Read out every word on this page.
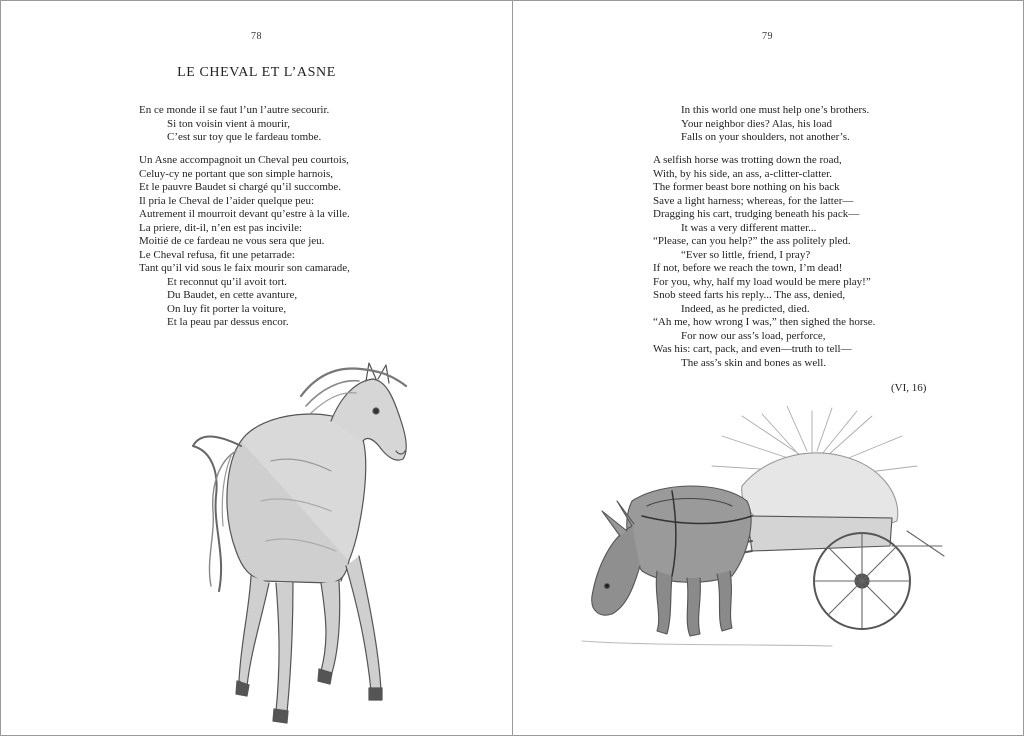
78
LE CHEVAL ET L’ASNE
En ce monde il se faut l’un l’autre secourir.
Si ton voisin vient à mourir,
C’est sur toy que le fardeau tombe.
Un Asne accompagnoit un Cheval peu courtois,
Celuy-cy ne portant que son simple harnois,
Et le pauvre Baudet si chargé qu’il succombe.
Il pria le Cheval de l’aider quelque peu:
Autrement il mourroit devant qu’estre à la ville.
La priere, dit-il, n’en est pas incivile:
Moitié de ce fardeau ne vous sera que jeu.
Le Cheval refusa, fit une petarrade:
Tant qu’il vid sous le faix mourir son camarade,
Et reconnut qu’il avoit tort.
Du Baudet, en cette avanture,
On luy fit porter la voiture,
Et la peau par dessus encor.
79
In this world one must help one’s brothers.
Your neighbor dies? Alas, his load
Falls on your shoulders, not another’s.
A selfish horse was trotting down the road,
With, by his side, an ass, a-clitter-clatter.
The former beast bore nothing on his back
Save a light harness; whereas, for the latter—
Dragging his cart, trudging beneath his pack—
It was a very different matter...
“Please, can you help?” the ass politely pled.
“Ever so little, friend, I pray?
If not, before we reach the town, I’m dead!
For you, why, half my load would be mere play!”
Snob steed farts his reply... The ass, denied,
Indeed, as he predicted, died.
“Ah me, how wrong I was,” then sighed the horse.
For now our ass’s load, perforce,
Was his: cart, pack, and even—truth to tell—
The ass’s skin and bones as well.
(VI, 16)
